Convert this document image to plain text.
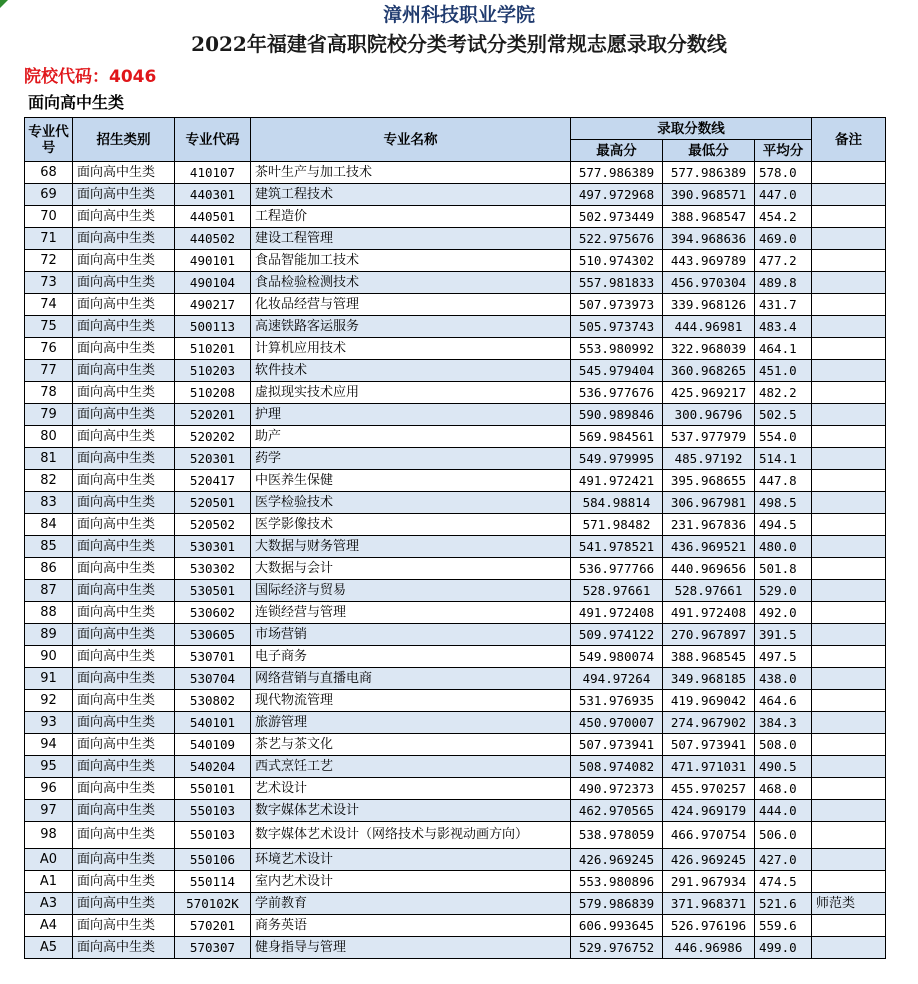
漳州科技职业学院
2022年福建省高职院校分类考试分类别常规志愿录取分数线
院校代码：4046
面向高中生类
专业代号	招生类别	专业代码	专业名称	录取分数线			备注
				最高分	最低分	平均分	
68	面向高中生类	410107	茶叶生产与加工技术	577.986389	577.986389	578.0	
69	面向高中生类	440301	建筑工程技术	497.972968	390.968571	447.0	
70	面向高中生类	440501	工程造价	502.973449	388.968547	454.2	
71	面向高中生类	440502	建设工程管理	522.975676	394.968636	469.0	
72	面向高中生类	490101	食品智能加工技术	510.974302	443.969789	477.2	
73	面向高中生类	490104	食品检验检测技术	557.981833	456.970304	489.8	
74	面向高中生类	490217	化妆品经营与管理	507.973973	339.968126	431.7	
75	面向高中生类	500113	高速铁路客运服务	505.973743	444.96981	483.4	
76	面向高中生类	510201	计算机应用技术	553.980992	322.968039	464.1	
77	面向高中生类	510203	软件技术	545.979404	360.968265	451.0	
78	面向高中生类	510208	虚拟现实技术应用	536.977676	425.969217	482.2	
79	面向高中生类	520201	护理	590.989846	300.96796	502.5	
80	面向高中生类	520202	助产	569.984561	537.977979	554.0	
81	面向高中生类	520301	药学	549.979995	485.97192	514.1	
82	面向高中生类	520417	中医养生保健	491.972421	395.968655	447.8	
83	面向高中生类	520501	医学检验技术	584.98814	306.967981	498.5	
84	面向高中生类	520502	医学影像技术	571.98482	231.967836	494.5	
85	面向高中生类	530301	大数据与财务管理	541.978521	436.969521	480.0	
86	面向高中生类	530302	大数据与会计	536.977766	440.969656	501.8	
87	面向高中生类	530501	国际经济与贸易	528.97661	528.97661	529.0	
88	面向高中生类	530602	连锁经营与管理	491.972408	491.972408	492.0	
89	面向高中生类	530605	市场营销	509.974122	270.967897	391.5	
90	面向高中生类	530701	电子商务	549.980074	388.968545	497.5	
91	面向高中生类	530704	网络营销与直播电商	494.97264	349.968185	438.0	
92	面向高中生类	530802	现代物流管理	531.976935	419.969042	464.6	
93	面向高中生类	540101	旅游管理	450.970007	274.967902	384.3	
94	面向高中生类	540109	茶艺与茶文化	507.973941	507.973941	508.0	
95	面向高中生类	540204	西式烹饪工艺	508.974082	471.971031	490.5	
96	面向高中生类	550101	艺术设计	490.972373	455.970257	468.0	
97	面向高中生类	550103	数字媒体艺术设计	462.970565	424.969179	444.0	
98	面向高中生类	550103	数字媒体艺术设计（网络技术与影视动画方向）	538.978059	466.970754	506.0	
A0	面向高中生类	550106	环境艺术设计	426.969245	426.969245	427.0	
A1	面向高中生类	550114	室内艺术设计	553.980896	291.967934	474.5	
A3	面向高中生类	570102K	学前教育	579.986839	371.968371	521.6	师范类
A4	面向高中生类	570201	商务英语	606.993645	526.976196	559.6	
A5	面向高中生类	570307	健身指导与管理	529.976752	446.96986	499.0	
